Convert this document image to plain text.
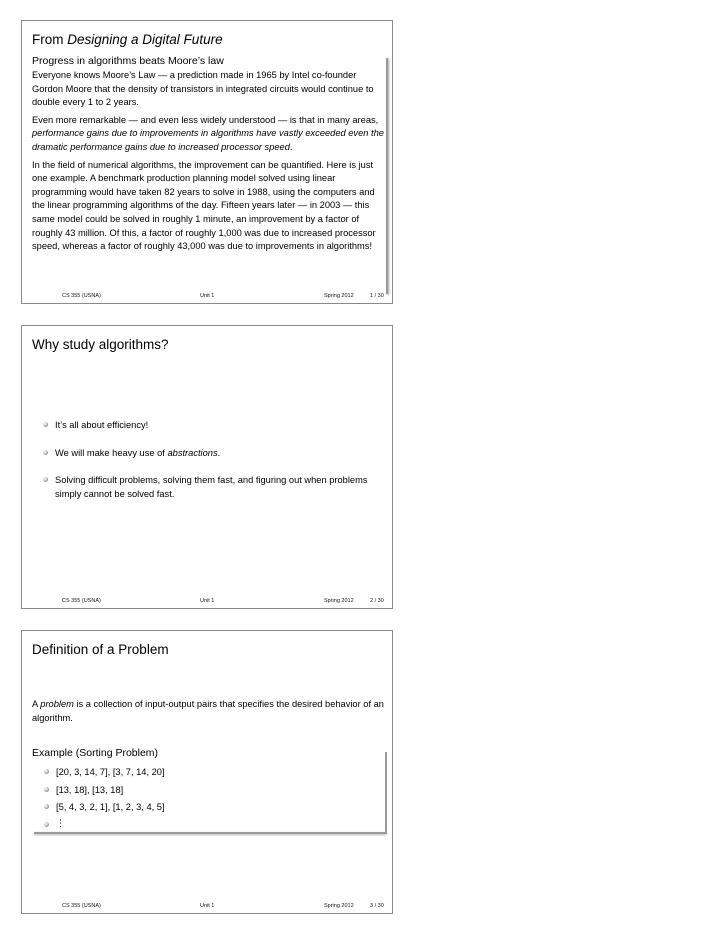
From Designing a Digital Future
Progress in algorithms beats Moore’s law

Everyone knows Moore’s Law — a prediction made in 1965 by Intel co-founder Gordon Moore that the density of transistors in integrated circuits would continue to double every 1 to 2 years.

Even more remarkable — and even less widely understood — is that in many areas, performance gains due to improvements in algorithms have vastly exceeded even the dramatic performance gains due to increased processor speed.

In the field of numerical algorithms, the improvement can be quantified. Here is just one example. A benchmark production planning model solved using linear programming would have taken 82 years to solve in 1988, using the computers and the linear programming algorithms of the day. Fifteen years later — in 2003 — this same model could be solved in roughly 1 minute, an improvement by a factor of roughly 43 million. Of this, a factor of roughly 1,000 was due to increased processor speed, whereas a factor of roughly 43,000 was due to improvements in algorithms!

CS 355 (USNA)	Unit 1	Spring 2012	1 / 30
Why study algorithms?
It’s all about efficiency!
We will make heavy use of abstractions.
Solving difficult problems, solving them fast, and figuring out when problems simply cannot be solved fast.
CS 355 (USNA)	Unit 1	Spring 2012	2 / 30
Definition of a Problem
A problem is a collection of input-output pairs that specifies the desired behavior of an algorithm.
Example (Sorting Problem)
[20, 3, 14, 7], [3, 7, 14, 20]
[13, 18], [13, 18]
[5, 4, 3, 2, 1], [1, 2, 3, 4, 5]
⋮
CS 355 (USNA)	Unit 1	Spring 2012	3 / 30
